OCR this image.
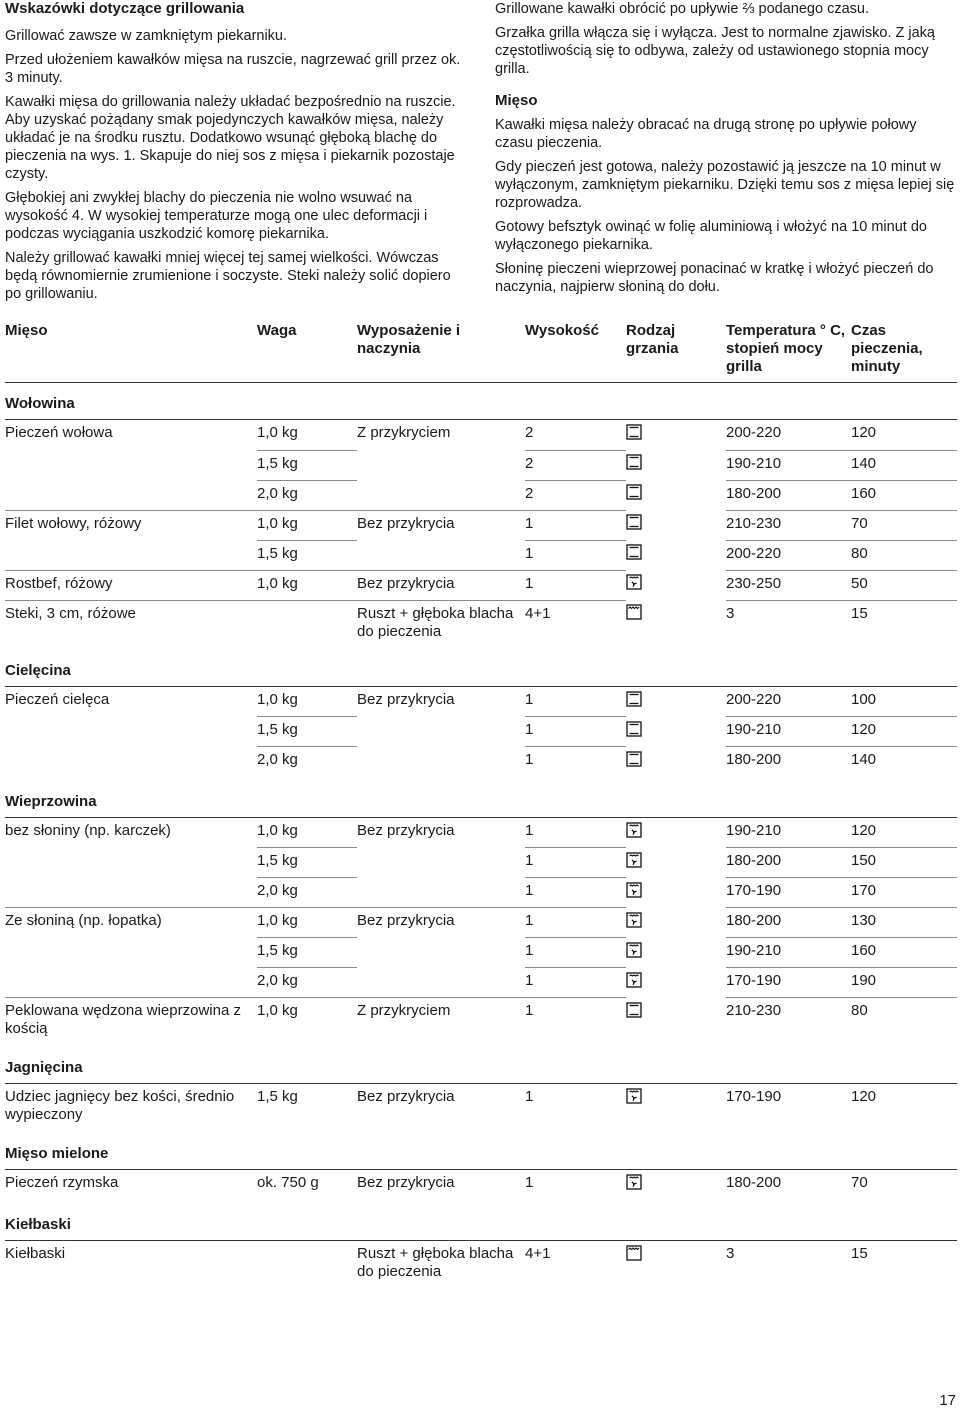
Wskazówki dotyczące grillowania

Grillować zawsze w zamkniętym piekarniku.

Przed ułożeniem kawałków mięsa na ruszcie, nagrzewać grill przez ok. 3 minuty.

Kawałki mięsa do grillowania należy układać bezpośrednio na ruszcie. Aby uzyskać pożądany smak pojedynczych kawałków mięsa, należy układać je na środku rusztu. Dodatkowo wsunąć głęboką blachę do pieczenia na wys. 1. Skapuje do niej sos z mięsa i piekarnik pozostaje czysty.

Głębokiej ani zwykłej blachy do pieczenia nie wolno wsuwać na wysokość 4. W wysokiej temperaturze mogą one ulec deformacji i podczas wyciągania uszkodzić komorę piekarnika.

Należy grillować kawałki mniej więcej tej samej wielkości. Wówczas będą równomiernie zrumienione i soczyste. Steki należy solić dopiero po grillowaniu.

Grillowane kawałki obrócić po upływie ⅔ podanego czasu.

Grzałka grilla włącza się i wyłącza. Jest to normalne zjawisko. Z jaką częstotliwością się to odbywa, zależy od ustawionego stopnia mocy grilla.

Mięso

Kawałki mięsa należy obracać na drugą stronę po upływie połowy czasu pieczenia.

Gdy pieczeń jest gotowa, należy pozostawić ją jeszcze na 10 minut w wyłączonym, zamkniętym piekarniku. Dzięki temu sos z mięsa lepiej się rozprowadza.

Gotowy befsztyk owinąć w folię aluminiową i włożyć na 10 minut do wyłączonego piekarnika.

Słoninę pieczeni wieprzowej ponacinać w kratkę i włożyć pieczeń do naczynia, najpierw słoniną do dołu.

Mięso	Waga	Wyposażenie i naczynia	Wysokość	Rodzaj grzania	Temperatura ° C, stopień mocy grilla	Czas pieczenia, minuty
Wołowina						
Pieczeń wołowa	1,0 kg	Z przykryciem	2		200-220	120
	1,5 kg		2		190-210	140
	2,0 kg		2		180-200	160
Filet wołowy, różowy	1,0 kg	Bez przykrycia	1		210-230	70
	1,5 kg		1		200-220	80
Rostbef, różowy	1,0 kg	Bez przykrycia	1		230-250	50
Steki, 3 cm, różowe		Ruszt + głęboka blacha do pieczenia	4+1		3	15
Cielęcina						
Pieczeń cielęca	1,0 kg	Bez przykrycia	1		200-220	100
	1,5 kg		1		190-210	120
	2,0 kg		1		180-200	140
Wieprzowina						
bez słoniny (np. karczek)	1,0 kg	Bez przykrycia	1		190-210	120
	1,5 kg		1		180-200	150
	2,0 kg		1		170-190	170
Ze słoniną (np. łopatka)	1,0 kg	Bez przykrycia	1		180-200	130
	1,5 kg		1		190-210	160
	2,0 kg		1		170-190	190
Peklowana wędzona wieprzowina z kością	1,0 kg	Z przykryciem	1		210-230	80
Jagnięcina						
Udziec jagnięcy bez kości, średnio wypieczony	1,5 kg	Bez przykrycia	1		170-190	120
Mięso mielone						
Pieczeń rzymska	ok. 750 g	Bez przykrycia	1		180-200	70
Kiełbaski						
Kiełbaski		Ruszt + głęboka blacha do pieczenia	4+1		3	15
17
